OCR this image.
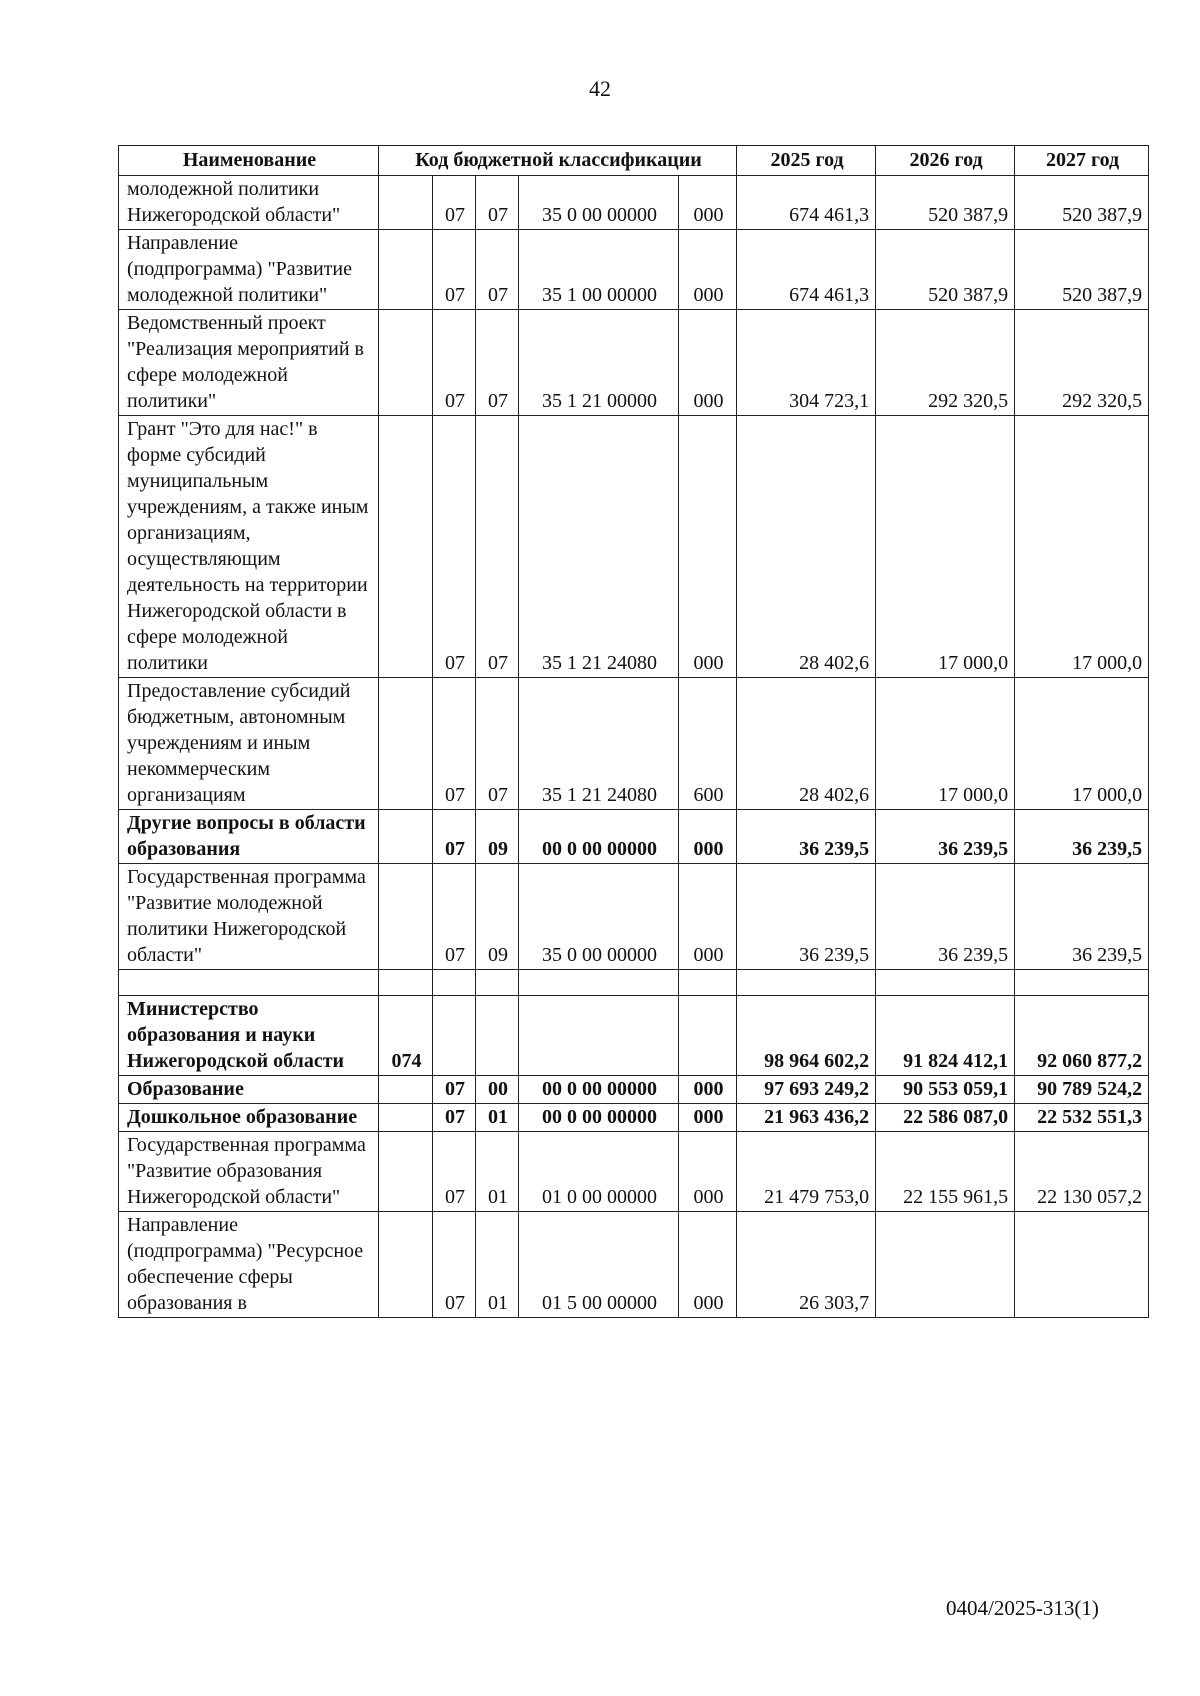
42
Наименование	Код бюджетной классификации					2025 год	2026 год	2027 год
молодежной политики Нижегородской области"		07	07	35 0 00 00000	000	674 461,3	520 387,9	520 387,9
Направление (подпрограмма) "Развитие молодежной политики"		07	07	35 1 00 00000	000	674 461,3	520 387,9	520 387,9
Ведомственный проект "Реализация мероприятий в сфере молодежной политики"		07	07	35 1 21 00000	000	304 723,1	292 320,5	292 320,5
Грант "Это для нас!" в форме субсидий муниципальным учреждениям, а также иным организациям, осуществляющим деятельность на территории Нижегородской области в сфере молодежной политики		07	07	35 1 21 24080	000	28 402,6	17 000,0	17 000,0
Предоставление субсидий бюджетным, автономным учреждениям и иным некоммерческим организациям		07	07	35 1 21 24080	600	28 402,6	17 000,0	17 000,0
Другие вопросы в области образования		07	09	00 0 00 00000	000	36 239,5	36 239,5	36 239,5
Государственная программа "Развитие молодежной политики Нижегородской области"		07	09	35 0 00 00000	000	36 239,5	36 239,5	36 239,5

Министерство образования и науки Нижегородской области	074					98 964 602,2	91 824 412,1	92 060 877,2
Образование		07	00	00 0 00 00000	000	97 693 249,2	90 553 059,1	90 789 524,2
Дошкольное образование		07	01	00 0 00 00000	000	21 963 436,2	22 586 087,0	22 532 551,3
Государственная программа "Развитие образования Нижегородской области"		07	01	01 0 00 00000	000	21 479 753,0	22 155 961,5	22 130 057,2
Направление (подпрограмма) "Ресурсное обеспечение сферы образования в		07	01	01 5 00 00000	000	26 303,7		
0404/2025-313(1)
